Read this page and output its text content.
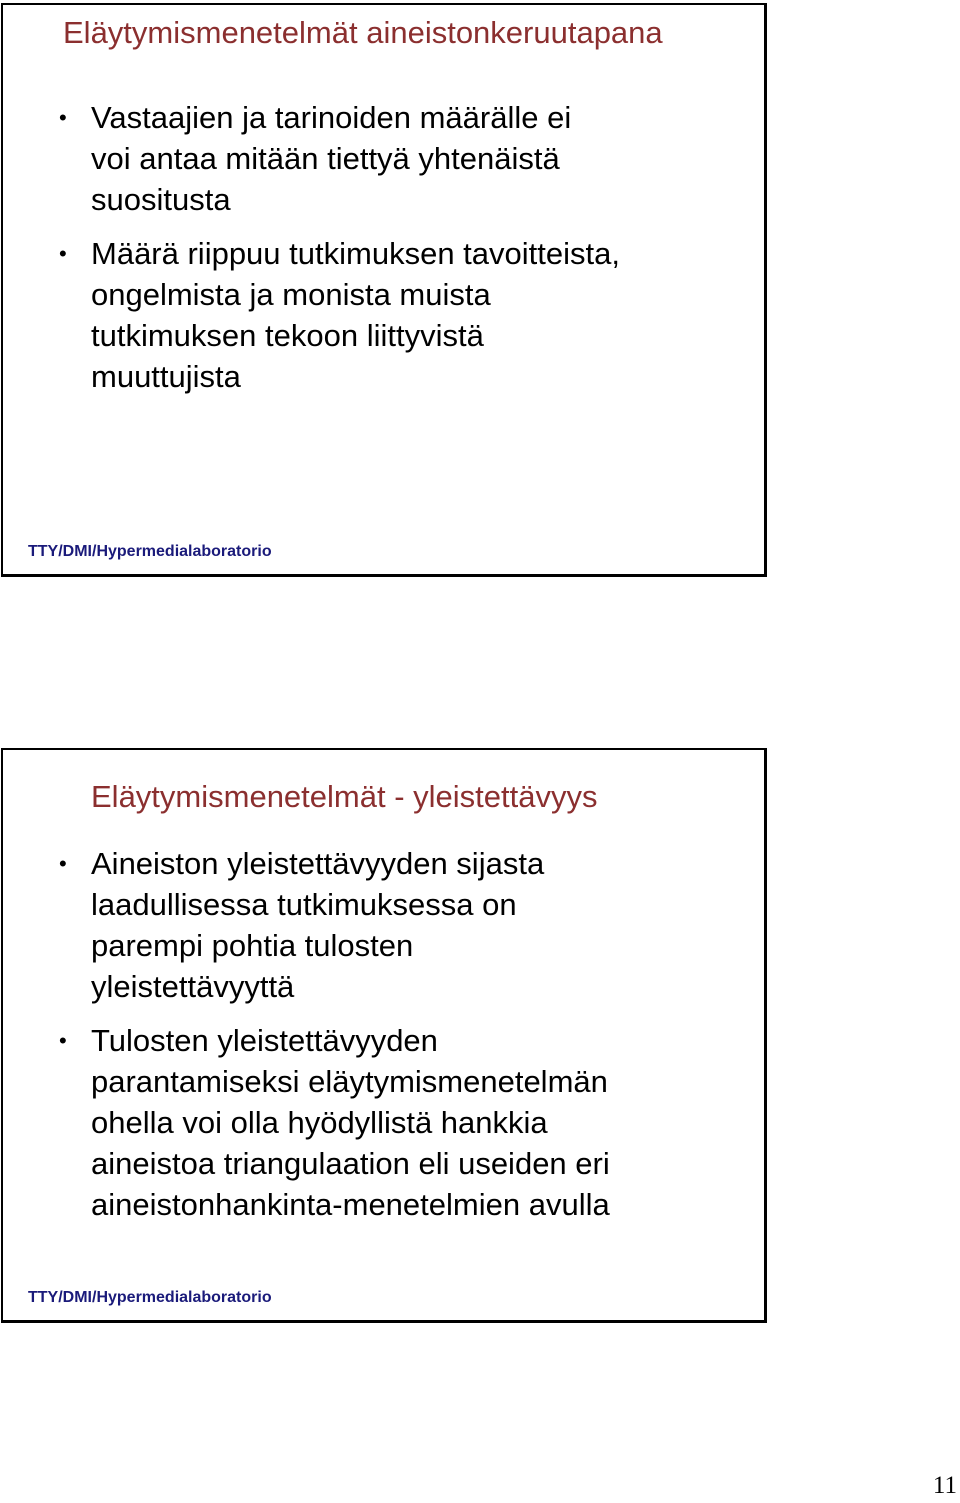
Eläytymismenetelmät aineistonkeruutapana
• Vastaajien ja tarinoiden määrälle ei
voi antaa mitään tiettyä yhtenäistä
suositusta
• Määrä riippuu tutkimuksen tavoitteista,
ongelmista ja monista muista
tutkimuksen tekoon liittyvistä
muuttujista
TTY/DMI/Hypermedialaboratorio
Eläytymismenetelmät - yleistettävyys
• Aineiston yleistettävyyden sijasta
laadullisessa tutkimuksessa on
parempi pohtia tulosten
yleistettävyyttä
• Tulosten yleistettävyyden
parantamiseksi eläytymismenetelmän
ohella voi olla hyödyllistä hankkia
aineistoa triangulaation eli useiden eri
aineistonhankinta-menetelmien avulla
TTY/DMI/Hypermedialaboratorio
11
